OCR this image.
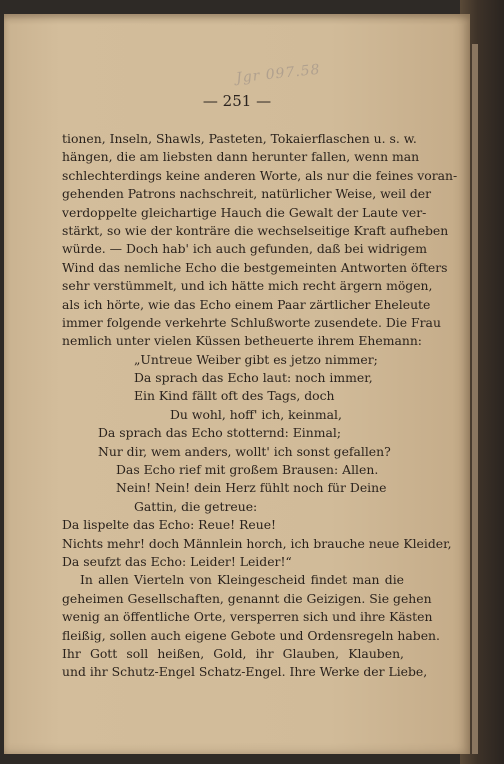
Jgr 097.58
— 251 —
tionen, Inseln, Shawls, Pasteten, Tokaierflaschen u. s. w.
hängen, die am liebsten dann herunter fallen, wenn man
schlechterdings keine anderen Worte, als nur die feines voran-
gehenden Patrons nachschreit, natürlicher Weise, weil der
verdoppelte gleichartige Hauch die Gewalt der Laute ver-
stärkt, so wie der konträre die wechselseitige Kraft aufheben
würde. — Doch hab' ich auch gefunden, daß bei widrigem
Wind das nemliche Echo die bestgemeinten Antworten öfters
sehr verstümmelt, und ich hätte mich recht ärgern mögen,
als ich hörte, wie das Echo einem Paar zärtlicher Eheleute
immer folgende verkehrte Schlußworte zusendete. Die Frau
nemlich unter vielen Küssen betheuerte ihrem Ehemann:
„Untreue Weiber gibt es jetzo nimmer;
Da sprach das Echo laut: noch immer,
Ein Kind fällt oft des Tags, doch
Du wohl, hoff' ich, keinmal,
Da sprach das Echo stotternd: Einmal;
Nur dir, wem anders, wollt' ich sonst gefallen?
Das Echo rief mit großem Brausen: Allen.
Nein! Nein! dein Herz fühlt noch für Deine
Gattin, die getreue:
Da lispelte das Echo: Reue! Reue!
Nichts mehr! doch Männlein horch, ich brauche neue Kleider,
Da seufzt das Echo: Leider! Leider!“
In allen Vierteln von Kleingescheid findet man die
geheimen Gesellschaften, genannt die Geizigen. Sie gehen
wenig an öffentliche Orte, versperren sich und ihre Kästen
fleißig, sollen auch eigene Gebote und Ordensregeln haben.
Ihr Gott soll heißen, Gold, ihr Glauben, Klauben,
und ihr Schutz-Engel Schatz-Engel. Ihre Werke der Liebe,
